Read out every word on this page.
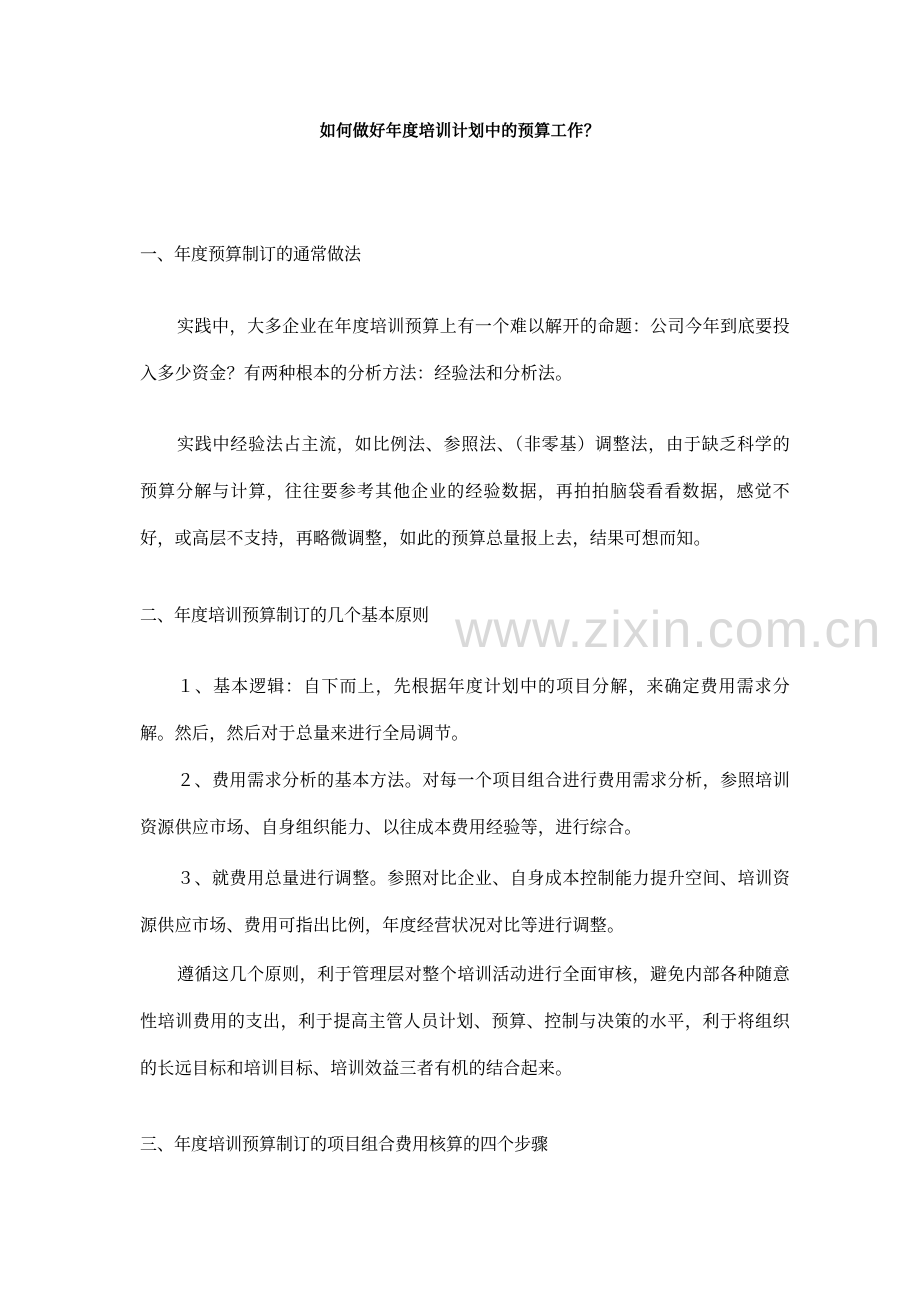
www.zixin.com.cn
如何做好年度培训计划中的预算工作？
一、年度预算制订的通常做法
实践中，大多企业在年度培训预算上有一个难以解开的命题：公司今年到底要投入多少资金？有两种根本的分析方法：经验法和分析法。
实践中经验法占主流，如比例法、参照法、（非零基）调整法，由于缺乏科学的预算分解与计算，往往要参考其他企业的经验数据，再拍拍脑袋看看数据，感觉不好，或高层不支持，再略微调整，如此的预算总量报上去，结果可想而知。
二、年度培训预算制订的几个基本原则
１、基本逻辑：自下而上，先根据年度计划中的项目分解，来确定费用需求分解。然后，然后对于总量来进行全局调节。
２、费用需求分析的基本方法。对每一个项目组合进行费用需求分析，参照培训资源供应市场、自身组织能力、以往成本费用经验等，进行综合。
３、就费用总量进行调整。参照对比企业、自身成本控制能力提升空间、培训资源供应市场、费用可指出比例，年度经营状况对比等进行调整。
遵循这几个原则，利于管理层对整个培训活动进行全面审核，避免内部各种随意性培训费用的支出，利于提高主管人员计划、预算、控制与决策的水平，利于将组织的长远目标和培训目标、培训效益三者有机的结合起来。
三、年度培训预算制订的项目组合费用核算的四个步骤
